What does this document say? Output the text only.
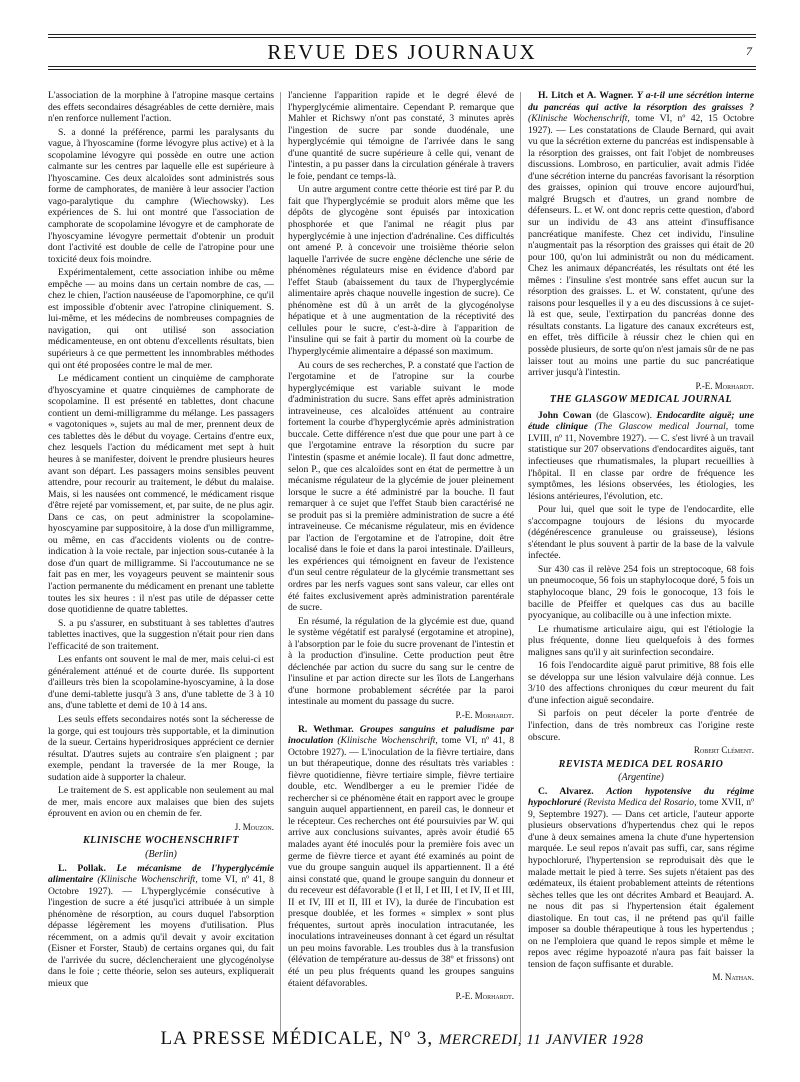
REVUE DES JOURNAUX	7

L'association de la morphine à l'atropine masque certains des effets secondaires désagréables de cette dernière, mais n'en renforce nullement l'action.

S. a donné la préférence, parmi les paralysants du vague, à l'hyoscamine (forme lévogyre plus active) et à la scopolamine lévogyre qui possède en outre une action calmante sur les centres par laquelle elle est supérieure à l'hyoscamine. Ces deux alcaloïdes sont administrés sous forme de camphorates, de manière à leur associer l'action vago-paralytique du camphre (Wiechowsky). Les expériences de S. lui ont montré que l'association de camphorate de scopolamine lévogyre et de camphorate de l'hyoscyamine lévogyre permettait d'obtenir un produit dont l'activité est double de celle de l'atropine pour une toxicité deux fois moindre.

Expérimentalement, cette association inhibe ou même empêche — au moins dans un certain nombre de cas, — chez le chien, l'action nauséeuse de l'apomorphine, ce qu'il est impossible d'obtenir avec l'atropine cliniquement. S. lui-même, et les médecins de nombreuses compagnies de navigation, qui ont utilisé son association médicamenteuse, en ont obtenu d'excellents résultats, bien supérieurs à ce que permettent les innombrables méthodes qui ont été proposées contre le mal de mer.

Le médicament contient un cinquième de camphorate d'hyoscyamine et quatre cinquièmes de camphorate de scopolamine. Il est présenté en tablettes, dont chacune contient un demi-milligramme du mélange. Les passagers « vagotoniques », sujets au mal de mer, prennent deux de ces tablettes dès le début du voyage. Certains d'entre eux, chez lesquels l'action du médicament met sept à huit heures à se manifester, doivent le prendre plusieurs heures avant son départ. Les passagers moins sensibles peuvent attendre, pour recourir au traitement, le début du malaise. Mais, si les nausées ont commencé, le médicament risque d'être rejeté par vomissement, et, par suite, de ne plus agir. Dans ce cas, on peut administrer la scopolamine-hyoscyamine par suppositoire, à la dose d'un milligramme, ou même, en cas d'accidents violents ou de contre-indication à la voie rectale, par injection sous-cutanée à la dose d'un quart de milligramme. Si l'accoutumance ne se fait pas en mer, les voyageurs peuvent se maintenir sous l'action permanente du médicament en prenant une tablette toutes les six heures : il n'est pas utile de dépasser cette dose quotidienne de quatre tablettes.

S. a pu s'assurer, en substituant à ses tablettes d'autres tablettes inactives, que la suggestion n'était pour rien dans l'efficacité de son traitement.

Les enfants ont souvent le mal de mer, mais celui-ci est généralement atténué et de courte durée. Ils supportent d'ailleurs très bien la scopolamine-hyoscyamine, à la dose d'une demi-tablette jusqu'à 3 ans, d'une tablette de 3 à 10 ans, d'une tablette et demi de 10 à 14 ans.

Les seuls effets secondaires notés sont la sécheresse de la gorge, qui est toujours très supportable, et la diminution de la sueur. Certains hyperidrosiques apprécient ce dernier résultat. D'autres sujets au contraire s'en plaignent ; par exemple, pendant la traversée de la mer Rouge, la sudation aide à supporter la chaleur.

Le traitement de S. est applicable non seulement au mal de mer, mais encore aux malaises que bien des sujets éprouvent en avion ou en chemin de fer.

J. Mouzon.

KLINISCHE WOCHENSCHRIFT

(Berlin)

L. Pollak. Le mécanisme de l'hyperglycémie alimentaire (Klinische Wochenschrift, tome VI, nº 41, 8 Octobre 1927). — L'hyperglycémie consécutive à l'ingestion de sucre a été jusqu'ici attribuée à un simple phénomène de résorption, au cours duquel l'absorption dépasse légèrement les moyens d'utilisation. Plus récemment, on a admis qu'il devait y avoir excitation (Eisner et Forster, Staub) de certains organes qui, du fait de l'arrivée du sucre, déclencheraient une glycogénolyse dans le foie ; cette théorie, selon ses auteurs, expliquerait mieux que

l'ancienne l'apparition rapide et le degré élevé de l'hyperglycémie alimentaire. Cependant P. remarque que Mahler et Richswy n'ont pas constaté, 3 minutes après l'ingestion de sucre par sonde duodénale, une hyperglycémie qui témoigne de l'arrivée dans le sang d'une quantité de sucre supérieure à celle qui, venant de l'intestin, a pu passer dans la circulation générale à travers le foie, pendant ce temps-là.

Un autre argument contre cette théorie est tiré par P. du fait que l'hyperglycémie se produit alors même que les dépôts de glycogène sont épuisés par intoxication phosphorée et que l'animal ne réagit plus par hyperglycémie à une injection d'adrénaline. Ces difficultés ont amené P. à concevoir une troisième théorie selon laquelle l'arrivée de sucre engène déclenche une série de phénomènes régulateurs mise en évidence d'abord par l'effet Staub (abaissement du taux de l'hyperglycémie alimentaire après chaque nouvelle ingestion de sucre). Ce phénomène est dû à un arrêt de la glycogénolyse hépatique et à une augmentation de la réceptivité des cellules pour le sucre, c'est-à-dire à l'apparition de l'insuline qui se fait à partir du moment où la courbe de l'hyperglycémie alimentaire a dépassé son maximum.

Au cours de ses recherches, P. a constaté que l'action de l'ergotamine et de l'atropine sur la courbe hyperglycémique est variable suivant le mode d'administration du sucre. Sans effet après administration intraveineuse, ces alcaloïdes atténuent au contraire fortement la courbe d'hyperglycémie après administration buccale. Cette différence n'est due que pour une part à ce que l'ergotamine entrave la résorption du sucre par l'intestin (spasme et anémie locale). Il faut donc admettre, selon P., que ces alcaloïdes sont en état de permettre à un mécanisme régulateur de la glycémie de jouer pleinement lorsque le sucre a été administré par la bouche. Il faut remarquer à ce sujet que l'effet Staub bien caractérisé ne se produit pas si la première administration de sucre a été intraveineuse. Ce mécanisme régulateur, mis en évidence par l'action de l'ergotamine et de l'atropine, doit être localisé dans le foie et dans la paroi intestinale. D'ailleurs, les expériences qui témoignent en faveur de l'existence d'un seul centre régulateur de la glycémie transmettant ses ordres par les nerfs vagues sont sans valeur, car elles ont été faites exclusivement après administration parentérale de sucre.

En résumé, la régulation de la glycémie est due, quand le système végétatif est paralysé (ergotamine et atropine), à l'absorption par le foie du sucre provenant de l'intestin et à la production d'insuline. Cette production peut être déclenchée par action du sucre du sang sur le centre de l'insuline et par action directe sur les îlots de Langerhans d'une hormone probablement sécrétée par la paroi intestinale au moment du passage du sucre.

P.-E. Morhardt.

R. Wethmar. Groupes sanguins et paludisme par inoculation (Klinische Wochenschrift, tome VI, nº 41, 8 Octobre 1927). — L'inoculation de la fièvre tertiaire, dans un but thérapeutique, donne des résultats très variables : fièvre quotidienne, fièvre tertiaire simple, fièvre tertiaire double, etc. Wendlberger a eu le premier l'idée de rechercher si ce phénomène était en rapport avec le groupe sanguin auquel appartiennent, en pareil cas, le donneur et le récepteur. Ces recherches ont été poursuivies par W. qui arrive aux conclusions suivantes, après avoir étudié 65 malades ayant été inoculés pour la première fois avec un germe de fièvre tierce et ayant été examinés au point de vue du groupe sanguin auquel ils appartiennent. Il a été ainsi constaté que, quand le groupe sanguin du donneur et du receveur est défavorable (I et II, I et III, I et IV, II et III, II et IV, III et II, III et IV), la durée de l'incubation est presque doublée, et les formes « simplex » sont plus fréquentes, surtout après inoculation intracutanée, les inoculations intraveineuses donnant à cet égard un résultat un peu moins favorable. Les troubles dus à la transfusion (élévation de température au-dessus de 38º et frissons) ont été un peu plus fréquents quand les groupes sanguins étaient défavorables.

P.-E. Morhardt.

H. Litch et A. Wagner. Y a-t-il une sécrétion interne du pancréas qui active la résorption des graisses ? (Klinische Wochenschrift, tome VI, nº 42, 15 Octobre 1927). — Les constatations de Claude Bernard, qui avait vu que la sécrétion externe du pancréas est indispensable à la résorption des graisses, ont fait l'objet de nombreuses discussions. Lombroso, en particulier, avait admis l'idée d'une sécrétion interne du pancréas favorisant la résorption des graisses, opinion qui trouve encore aujourd'hui, malgré Brugsch et d'autres, un grand nombre de défenseurs. L. et W. ont donc repris cette question, d'abord sur un individu de 43 ans atteint d'insuffisance pancréatique manifeste. Chez cet individu, l'insuline n'augmentait pas la résorption des graisses qui était de 20 pour 100, qu'on lui administrât ou non du médicament. Chez les animaux dépancréatés, les résultats ont été les mêmes : l'insuline s'est montrée sans effet aucun sur la résorption des graisses. L. et W. constatent, qu'une des raisons pour lesquelles il y a eu des discussions à ce sujet-là est que, seule, l'extirpation du pancréas donne des résultats constants. La ligature des canaux excréteurs est, en effet, très difficile à réussir chez le chien qui en possède plusieurs, de sorte qu'on n'est jamais sûr de ne pas laisser tout au moins une partie du suc pancréatique arriver jusqu'à l'intestin.

P.-E. Morhardt.

THE GLASGOW MEDICAL JOURNAL

John Cowan (de Glascow). Endocardite aiguë; une étude clinique (The Glascow medical Journal, tome LVIII, nº 11, Novembre 1927). — C. s'est livré à un travail statistique sur 207 observations d'endocardites aiguës, tant infectieuses que rhumatismales, la plupart recueillies à l'hôpital. Il en classe par ordre de fréquence les symptômes, les lésions observées, les étiologies, les lésions antérieures, l'évolution, etc.

Pour lui, quel que soit le type de l'endocardite, elle s'accompagne toujours de lésions du myocarde (dégénérescence granuleuse ou graisseuse), lésions s'étendant le plus souvent à partir de la base de la valvule infectée.

Sur 430 cas il relève 254 fois un streptocoque, 68 fois un pneumocoque, 56 fois un staphylocoque doré, 5 fois un staphylocoque blanc, 29 fois le gonocoque, 13 fois le bacille de Pfeiffer et quelques cas dus au bacille pyocyanique, au colibacille ou à une infection mixte.

Le rhumatisme articulaire aigu, qui est l'étiologie la plus fréquente, donne lieu quelquefois à des formes malignes sans qu'il y ait surinfection secondaire.

16 fois l'endocardite aiguë parut primitive, 88 fois elle se développa sur une lésion valvulaire déjà connue. Les 3/10 des affections chroniques du cœur meurent du fait d'une infection aiguë secondaire.

Si parfois on peut déceler la porte d'entrée de l'infection, dans de très nombreux cas l'origine reste obscure.

Robert Clément.

REVISTA MEDICA DEL ROSARIO

(Argentine)

C. Alvarez. Action hypotensive du régime hypochloruré (Revista Medica del Rosario, tome XVII, nº 9, Septembre 1927). — Dans cet article, l'auteur apporte plusieurs observations d'hypertendus chez qui le repos d'une à deux semaines amena la chute d'une hypertension marquée. Le seul repos n'avait pas suffi, car, sans régime hypochloruré, l'hypertension se reproduisait dès que le malade mettait le pied à terre. Ses sujets n'étaient pas des œdémateux, ils étaient probablement atteints de rétentions sèches telles que les ont décrites Ambard et Beaujard. A. ne nous dit pas si l'hypertension était également diastolique. En tout cas, il ne prétend pas qu'il faille imposer sa double thérapeutique à tous les hypertendus ; on ne l'emploiera que quand le repos simple et même le repos avec régime hypoazoté n'aura pas fait baisser la tension de façon suffisante et durable.

M. Nathan.

LA PRESSE MÉDICALE, Nº 3, MERCREDI, 11 JANVIER 1928
